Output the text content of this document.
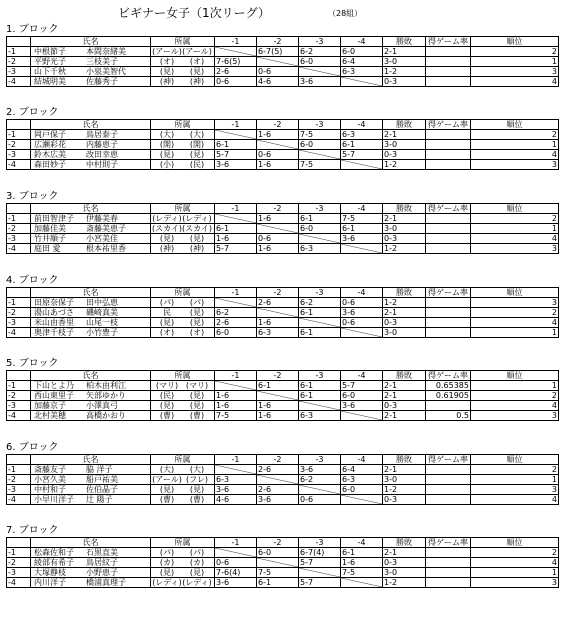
ビギナー女子（1次リーグ）	（28組）
1. ブロック
	氏名	所属	-1	-2	-3	-4	勝敗	得ゲーム率	順位
-1	中根節子 本間奈緒美	(アール)(アール)		6-7(5)	6-2	6-0	2-1		2
-2	平野光子 三枝美子	(オ) (オ)	7-6(5)		6-0	6-4	3-0		1
-3	山下千秋 小泉美智代	(見) (見)	2-6	0-6		6-3	1-2		3
-4	結城明美 佐藤秀子	(神) (神)	0-6	4-6	3-6		0-3		4
2. ブロック
	氏名	所属	-1	-2	-3	-4	勝敗	得ゲーム率	順位
-1	岡戸保子 鳥居泰子	(大) (大)		1-6	7-5	6-3	2-1		2
-2	広瀬彩花 内藤恵子	(開) (開)	6-1		6-0	6-1	3-0		1
-3	鈴木広美 改田幸恵	(見) (見)	5-7	0-6		5-7	0-3		4
-4	森田妙子 中村則子	(小) (民)	3-6	1-6	7-5		1-2		3
3. ブロック
	氏名	所属	-1	-2	-3	-4	勝敗	得ゲーム率	順位
-1	前田智津子 伊藤美春	(レディ)(レディ)		1-6	6-1	7-5	2-1		2
-2	加藤佳美 斎藤美恵子	(スカイ)(スカイ)	6-1		6-0	6-1	3-0		1
-3	竹井順子 小宮美佳	(見) (見)	1-6	0-6		3-6	0-3		4
-4	庭田 愛 根本祐里香	(神) (神)	5-7	1-6	6-3		1-2		3
4. ブロック
	氏名	所属	-1	-2	-3	-4	勝敗	得ゲーム率	順位
-1	田原奈保子 田中弘恵	(パ) (パ)		2-6	6-2	0-6	1-2		3
-2	湯山あづさ 磯崎真美	民 (見)	6-2		6-1	3-6	2-1		2
-3	米山由香里 山尾一枝	(見) (見)	2-6	1-6		0-6	0-3		4
-4	奥津千枝子 小竹豊子	(オ) (オ)	6-0	6-3	6-1		3-0		1
5. ブロック
	氏名	所属	-1	-2	-3	-4	勝敗	得ゲーム率	順位
-1	下山とよ乃 柏木由利江	(マリ) (マリ)		6-1	6-1	5-7	2-1	0.65385	1
-2	西山東里子 矢部ゆかり	(民) (見)	1-6		6-1	6-0	2-1	0.61905	2
-3	加藤京子 小澤真弓	(見) (見)	1-6	1-6		3-6	0-3		4
-4	北村美穂 高橋かおり	(曹) (曹)	7-5	1-6	6-3		2-1	0.5	3
6. ブロック
	氏名	所属	-1	-2	-3	-4	勝敗	得ゲーム率	順位
-1	斎藤友子 脇 洋子	(大) (大)		2-6	3-6	6-4	2-1		2
-2	小宮久美 船戸祐美	(アール) (フレ)	6-3		6-2	6-3	3-0		1
-3	中村和子 佐伯晶子	(見) (見)	3-6	2-6		6-0	1-2		3
-4	小早川洋子 辻 陽子	(曹) (曹)	4-6	3-6	0-6		0-3		4
7. ブロック
	氏名	所属	-1	-2	-3	-4	勝敗	得ゲーム率	順位
-1	松森佐和子 石黒直美	(パ) (パ)		6-0	6-7(4)	6-1	2-1		2
-2	綾部有希子 鳥居紋子	(カ) (カ)	0-6		5-7	1-6	0-3		4
-3	大塚静枝 小野恵子	(見) (見)	7-6(4)	7-5		7-5	3-0		1
-4	内川洋子 橋浦真理子	(レディ)(レディ)	3-6	6-1	5-7		1-2		3
